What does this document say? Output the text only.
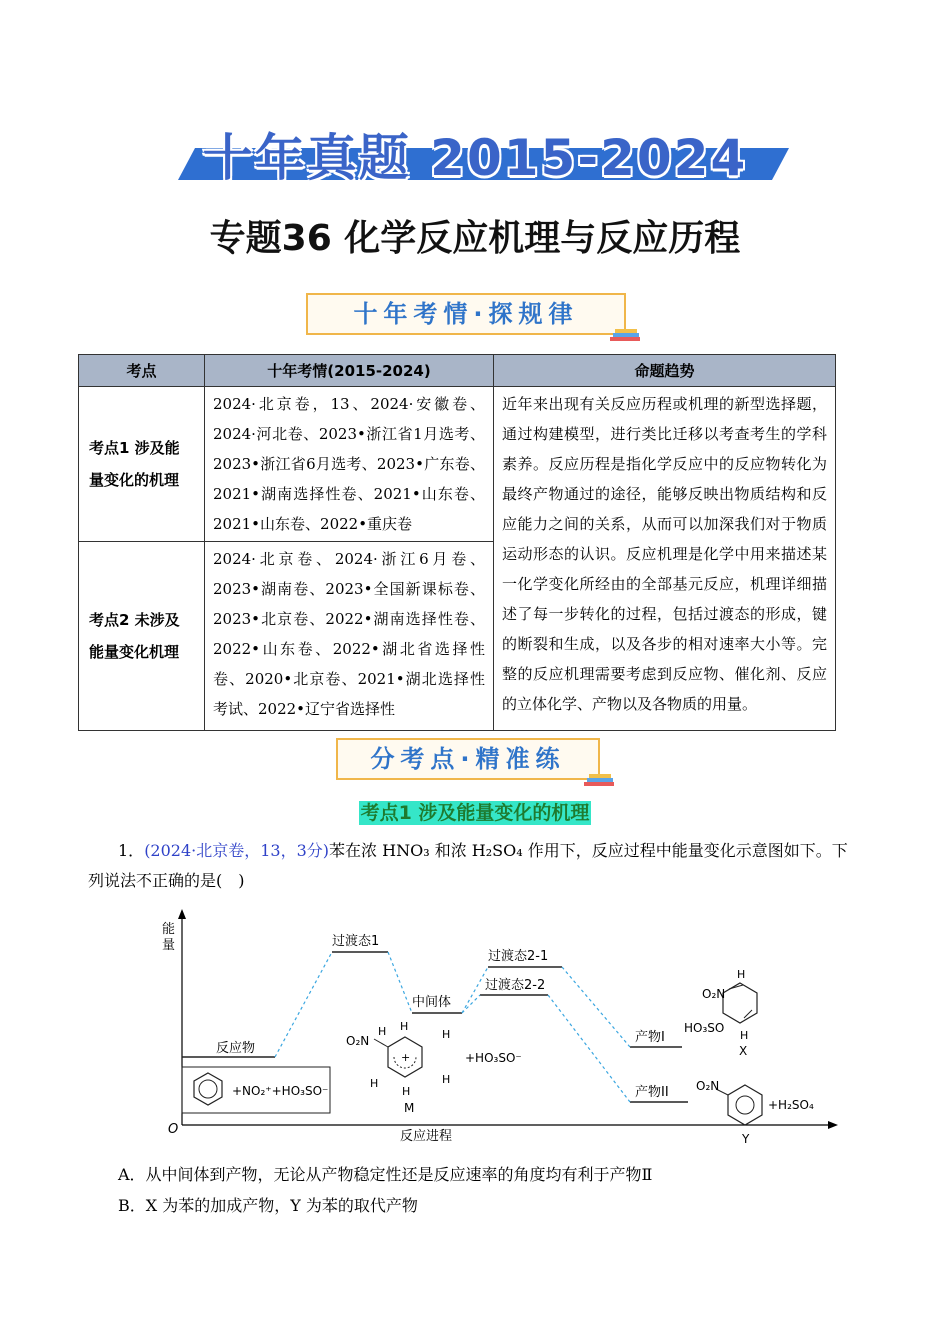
十年真题 2015-2024
专题36 化学反应机理与反应历程
十年考情·探规律
考点	十年考情(2015-2024)	命题趋势
考点1 涉及能量变化的机理	2024·北京卷，13、2024·安徽卷、2024·河北卷、2023•浙江省1月选考、2023•浙江省6月选考、2023•广东卷、2021•湖南选择性卷、2021•山东卷、2021•山东卷、2022•重庆卷	近年来出现有关反应历程或机理的新型选择题，通过构建模型，进行类比迁移以考查考生的学科素养。反应历程是指化学反应中的反应物转化为最终产物通过的途径，能够反映出物质结构和反应能力之间的关系，从而可以加深我们对于物质运动形态的认识。反应机理是化学中用来描述某一化学变化所经由的全部基元反应，机理详细描述了每一步转化的过程，包括过渡态的形成，键的断裂和生成，以及各步的相对速率大小等。完整的反应机理需要考虑到反应物、催化剂、反应的立体化学、产物以及各物质的用量。
考点2 未涉及能量变化机理	2024·北京卷、2024·浙江6月卷、2023•湖南卷、2023•全国新课标卷、2023•北京卷、2022•湖南选择性卷、2022•山东卷、2022•湖北省选择性卷、2020•北京卷、2021•湖北选择性考试、2022•辽宁省选择性	
分考点·精准练
考点1 涉及能量变化的机理
1．(2024·北京卷，13，3分)苯在浓 HNO₃ 和浓 H₂SO₄ 作用下，反应过程中能量变化示意图如下。下列说法不正确的是(　)
能
量
O	反应进程
反应物
过渡态1
中间体
过渡态2-1
过渡态2-2
产物I
产物II
+NO₂⁺+HO₃SO⁻
+
O₂N
H
H	H
H	H
H
M
+HO₃SO⁻
H
O₂N
HO₃SO
H
X
O₂N
Y
+H₂SO₄
A．从中间体到产物，无论从产物稳定性还是反应速率的角度均有利于产物Ⅱ
B．X 为苯的加成产物，Y 为苯的取代产物
